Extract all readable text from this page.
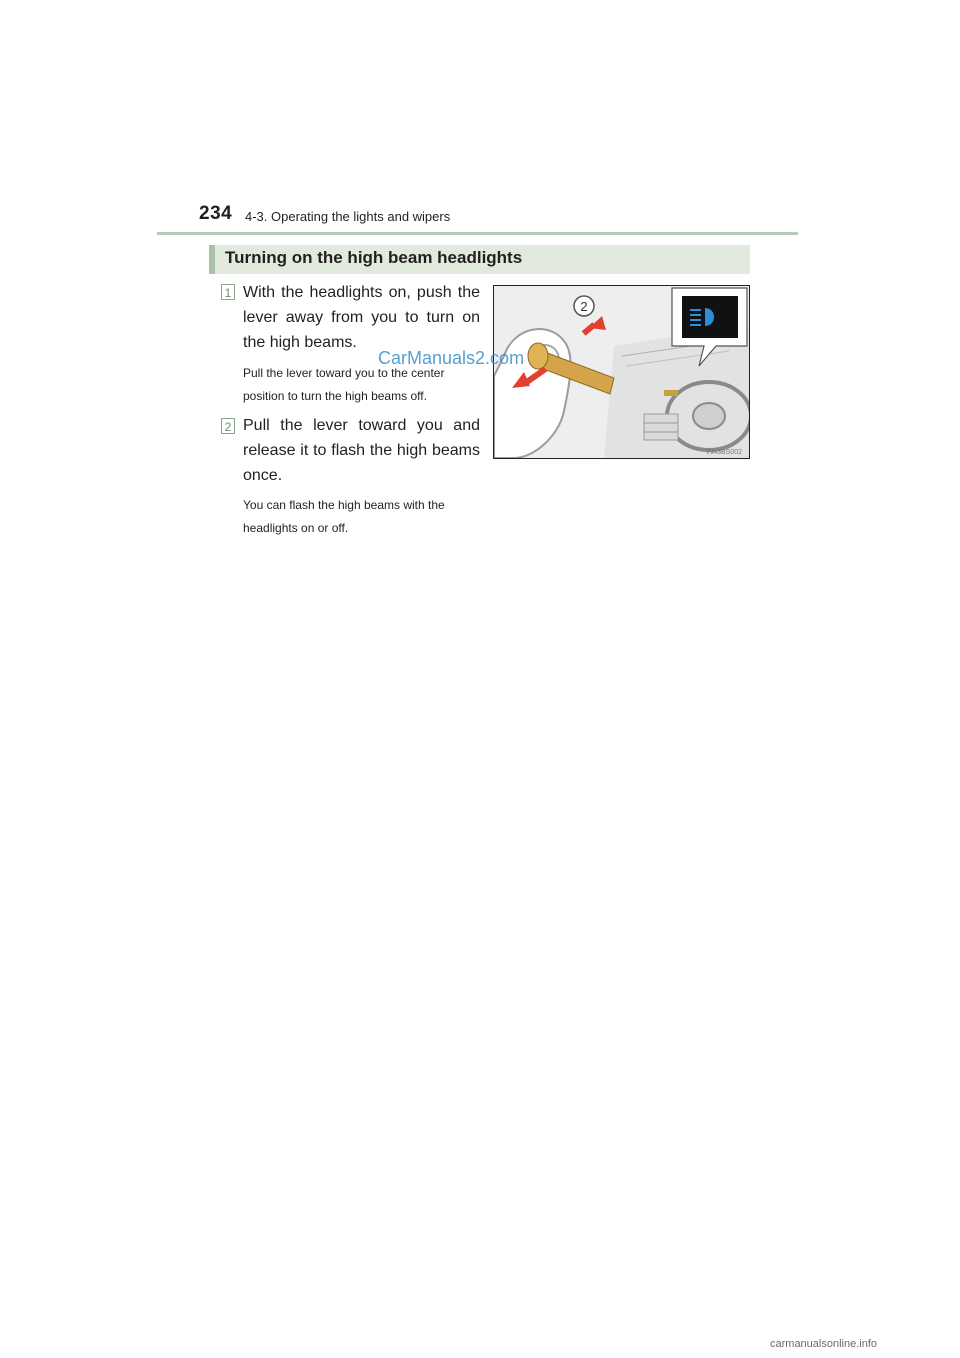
234 4-3. Operating the lights and wipers
Turning on the high beam headlights
1 With the headlights on, push the lever away from you to turn on the high beams.
Pull the lever toward you to the center position to turn the high beams off.
2 Pull the lever toward you and release it to flash the high beams once.
You can flash the high beams with the headlights on or off.
2
IN43BS002
CarManuals2.com
carmanualsonline.info
